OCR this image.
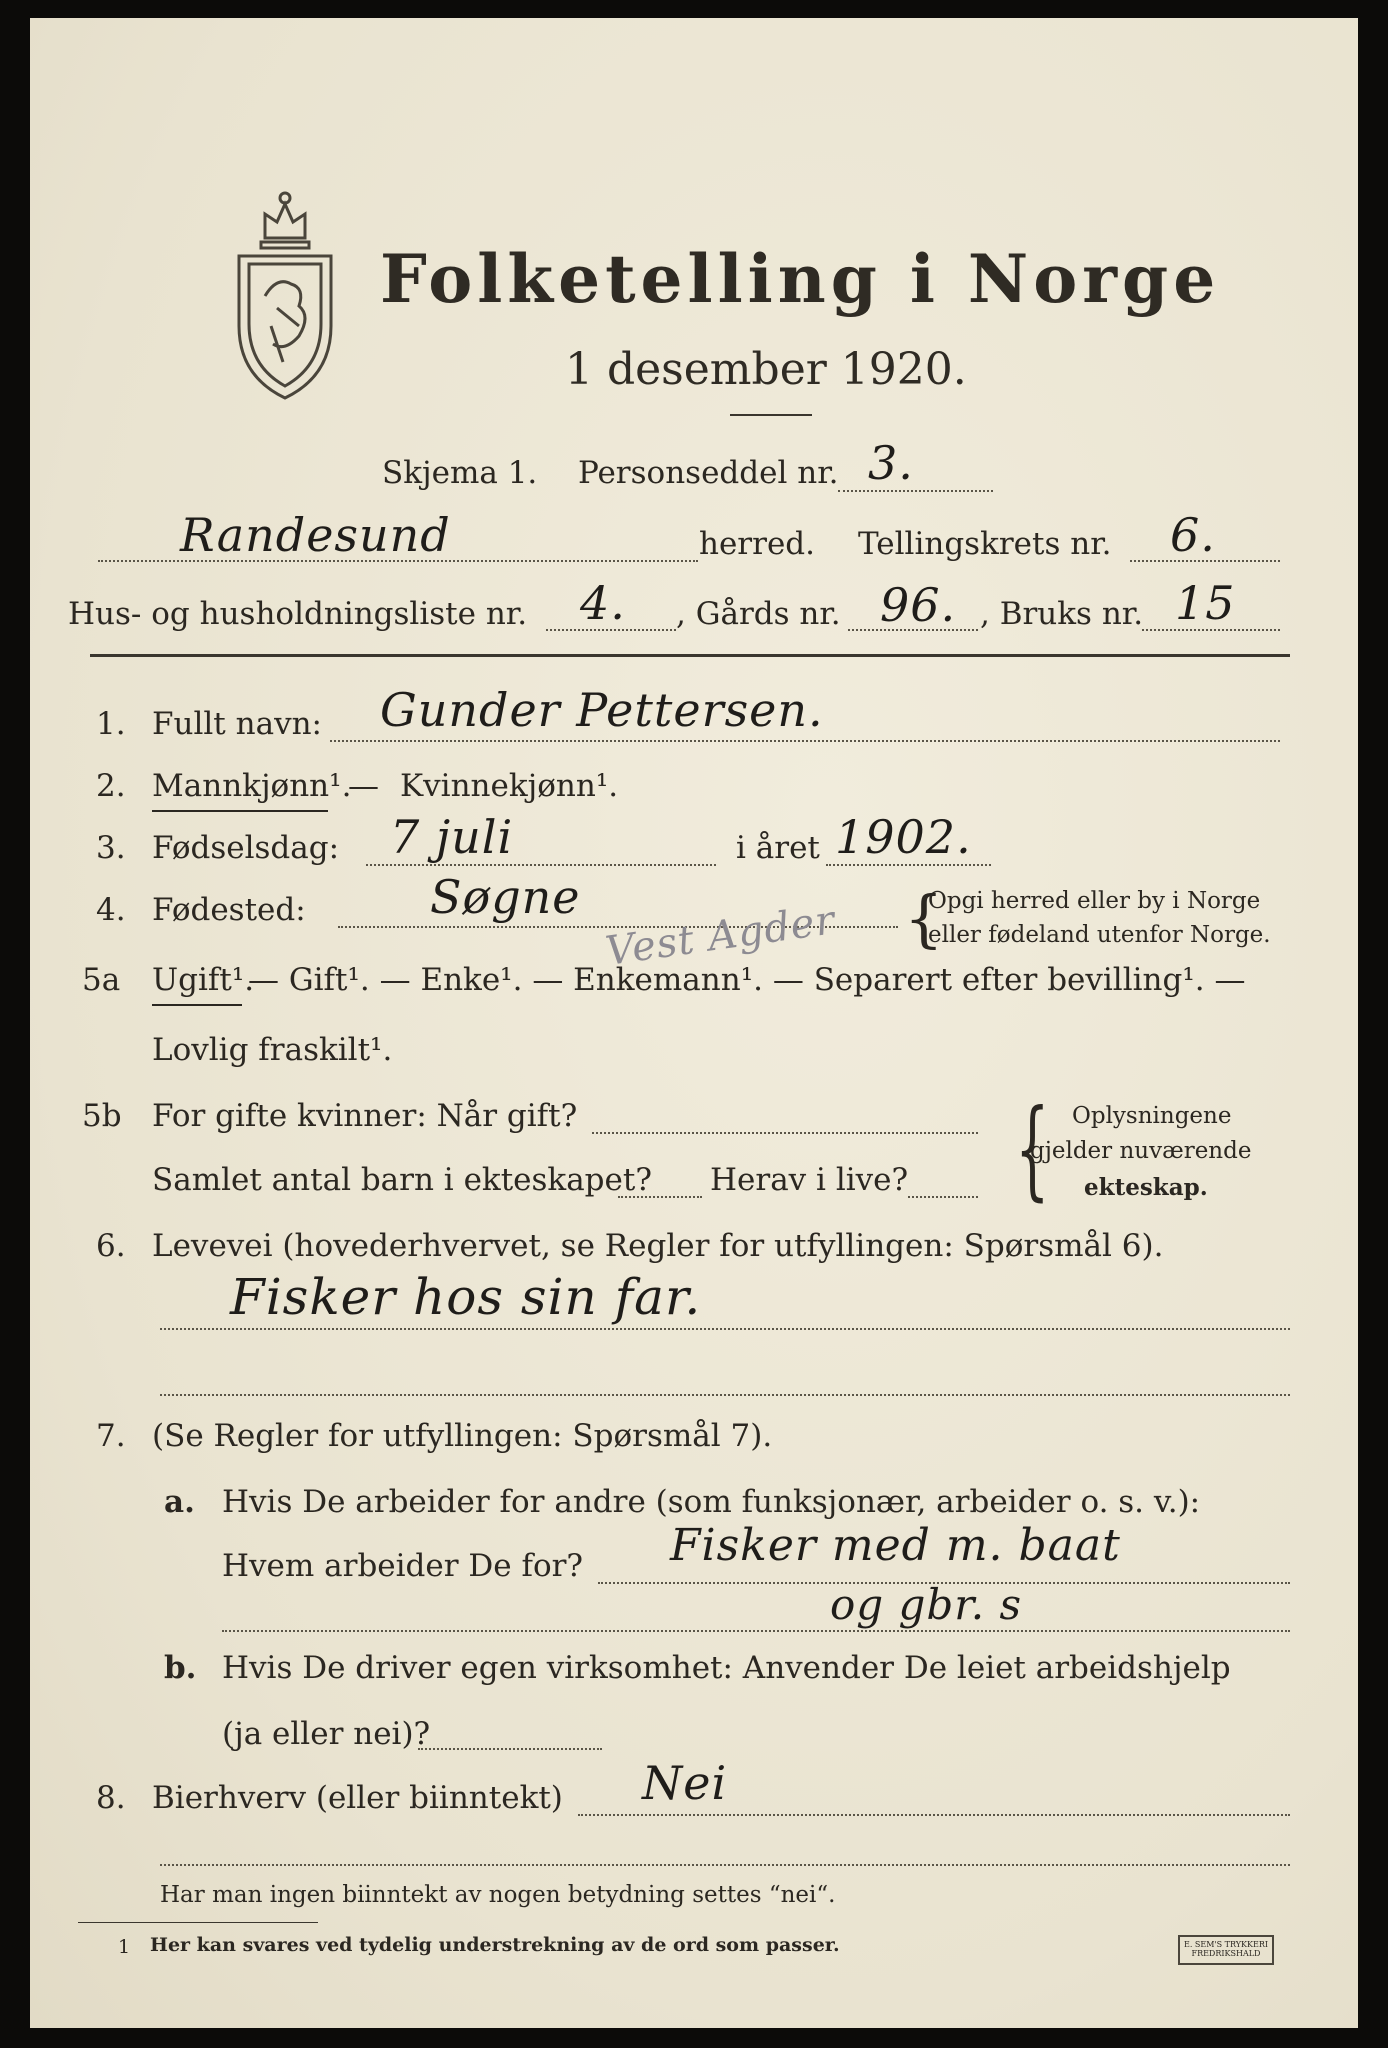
Folketelling i Norge
1 desember 1920.
Skjema 1. Personseddel nr. 3.
Randesund	herred. Tellingskrets nr. 6.
Hus- og husholdningsliste nr. 4. , Gårds nr. 96. , Bruks nr. 15
1. Fullt navn: Gunder Pettersen.
2. Mannkjønn¹.
— Kvinnekjønn¹.
3. Fødselsdag: 7 juli	i året 1902.
4. Fødested:	Søgne	{
Opgi herred eller by i Norge
eller fødeland utenfor Norge.
Vest Agder
5a Ugift¹.
— Gift¹. — Enke¹. — Enkemann¹. — Separert efter bevilling¹. —
Lovlig fraskilt¹.
5b For gifte kvinner: Når gift?
Samlet antal barn i ekteskapet? Herav i live? { Oplysningene
gjelder nuværende
ekteskap.
6. Levevei (hovederhvervet, se Regler for utfyllingen: Spørsmål 6).
Fisker hos sin far.
7. (Se Regler for utfyllingen: Spørsmål 7).
a. Hvis De arbeider for andre (som funksjonær, arbeider o. s. v.):
Hvem arbeider De for? Fisker med m. baat
og gbr. s
b. Hvis De driver egen virksomhet: Anvender De leiet arbeidshjelp
(ja eller nei)?
8. Bierhverv (eller biinntekt) Nei
Har man ingen biinntekt av nogen betydning settes “nei“.
1 Her kan svares ved tydelig understrekning av de ord som passer.	E. SEM'S TRYKKERI FREDRIKSHALD
